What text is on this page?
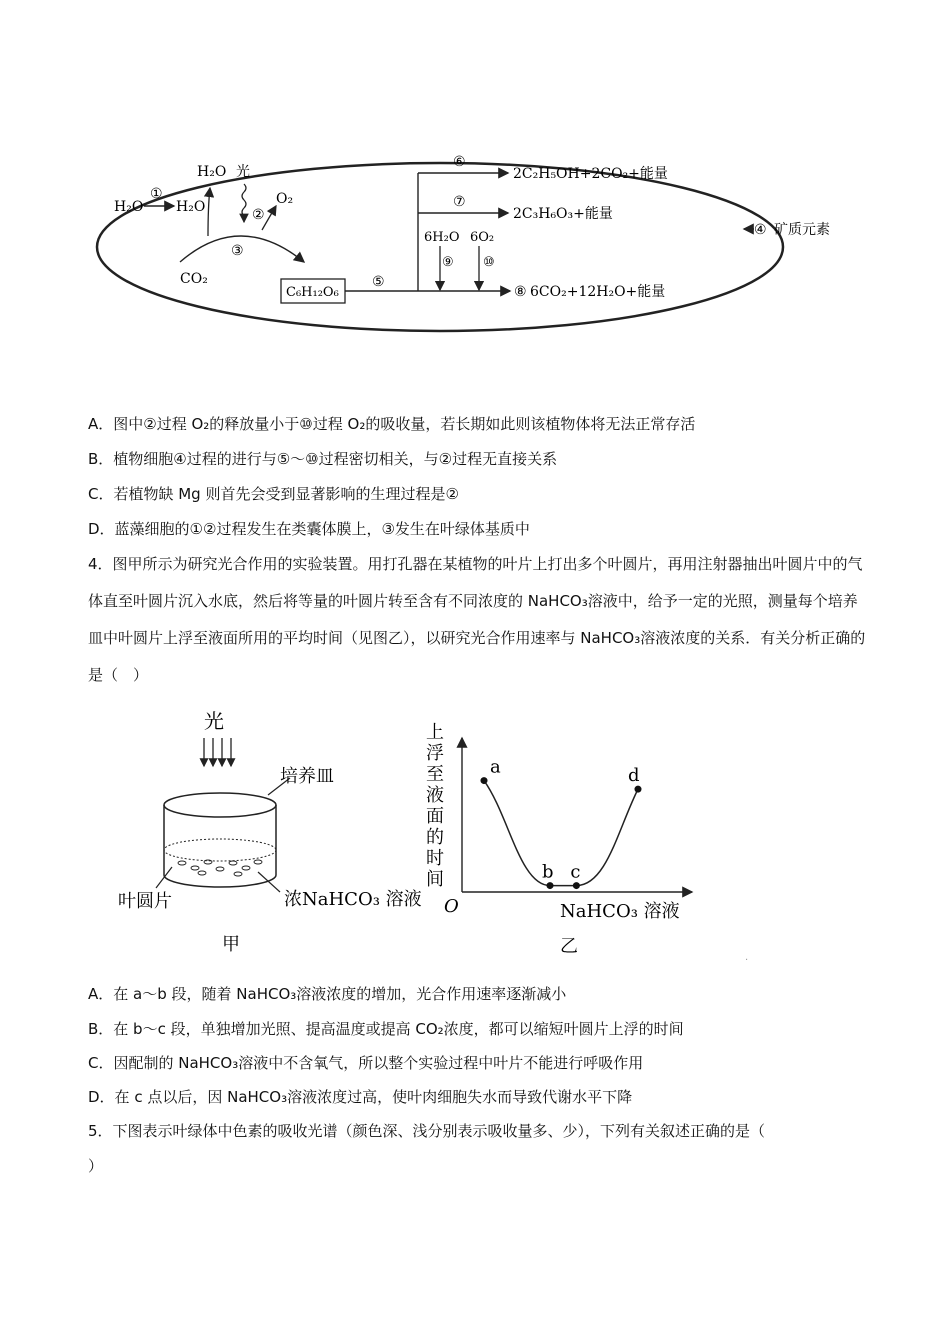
H₂O
①
H₂O
H₂O 光
②
O₂
③
CO₂
C₆H₁₂O₆
⑤
⑥
2C₂H₅OH+2CO₂+能量
⑦
2C₃H₆O₃+能量
6H₂O 6O₂
⑨ ⑩
⑧ 6CO₂+12H₂O+能量
④ 矿质元素
A．图中②过程 O₂的释放量小于⑩过程 O₂的吸收量，若长期如此则该植物体将无法正常存活
B．植物细胞④过程的进行与⑤～⑩过程密切相关，与②过程无直接关系
C．若植物缺 Mg 则首先会受到显著影响的生理过程是②
D．蓝藻细胞的①②过程发生在类囊体膜上，③发生在叶绿体基质中
4．图甲所示为研究光合作用的实验装置。用打孔器在某植物的叶片上打出多个叶圆片，再用注射器抽出叶圆片中的气体直至叶圆片沉入水底，然后将等量的叶圆片转至含有不同浓度的 NaHCO₃溶液中，给予一定的光照，测量每个培养皿中叶圆片上浮至液面所用的平均时间（见图乙），以研究光合作用速率与 NaHCO₃溶液浓度的关系．有关分析正确的是（　）
光
培养皿
叶圆片	浓NaHCO₃ 溶液
甲
上浮至液面的时间
O	NaHCO₃ 溶液
a
b c
d
乙
·
A．在 a～b 段，随着 NaHCO₃溶液浓度的增加，光合作用速率逐渐减小
B．在 b～c 段，单独增加光照、提高温度或提高 CO₂浓度，都可以缩短叶圆片上浮的时间
C．因配制的 NaHCO₃溶液中不含氧气，所以整个实验过程中叶片不能进行呼吸作用
D．在 c 点以后，因 NaHCO₃溶液浓度过高，使叶肉细胞失水而导致代谢水平下降
5．下图表示叶绿体中色素的吸收光谱（颜色深、浅分别表示吸收量多、少），下列有关叙述正确的是（
）
